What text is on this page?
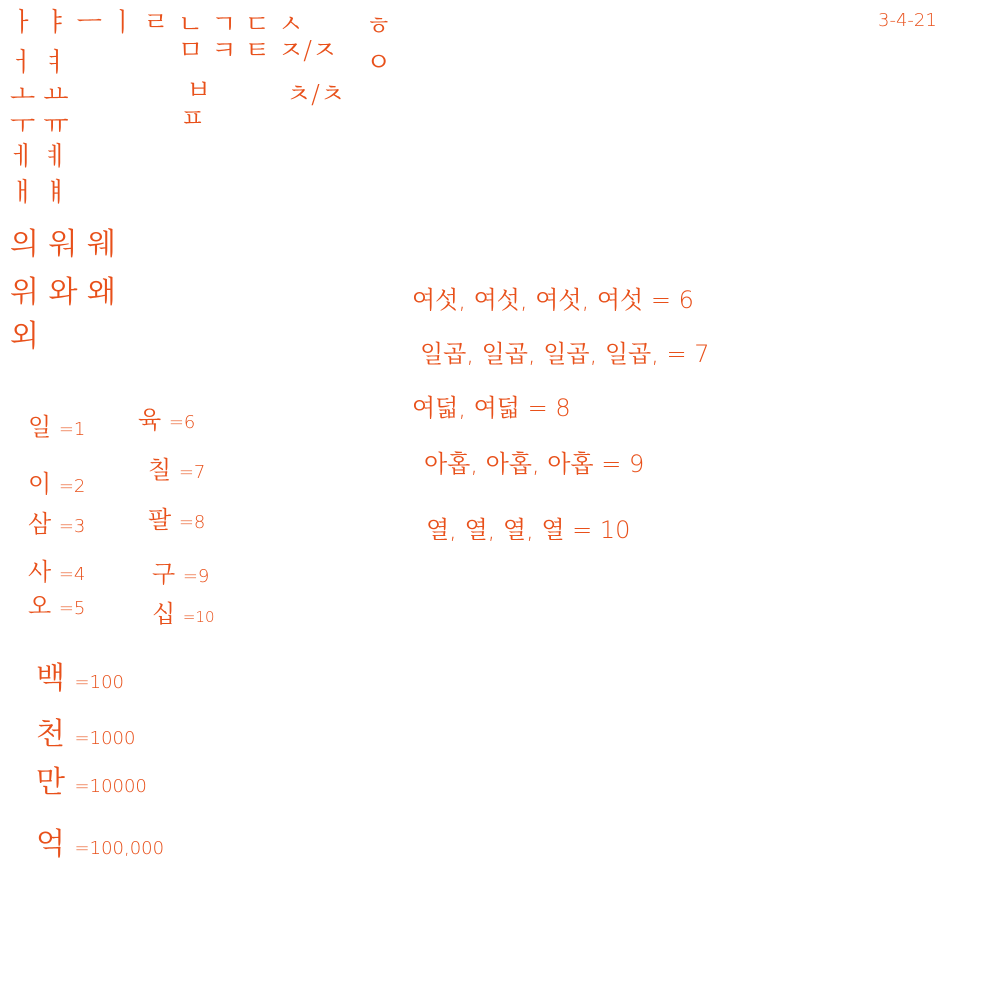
3-4-21
ㅏ ㅑ ㅡ ㅣ ㄹ
ㅓ ㅕ
ㅗ ㅛ
ㅜ ㅠ
ㅔ ㅖ
ㅐ ㅒ
ㄴ ㄱ ㄷ ㅅ
ㅁ ㅋ ㅌ ㅈ/ㅈ
ㅂ
ㅍ
ㅊ/ㅊ
ㅎ
ㅇ
의 워 웨
위 와 왜
외
일 =1
이 =2
삼 =3
사 =4
오 =5
육 =6
칠 =7
팔 =8
구 =9
십 =10
백 =100
천 =1000
만 =10000
억 =100,000
여섯, 여섯, 여섯, 여섯 = 6
일곱, 일곱, 일곱, 일곱, = 7
여덟, 여덟 = 8
아홉, 아홉, 아홉 = 9
열, 열, 열, 열 = 10
